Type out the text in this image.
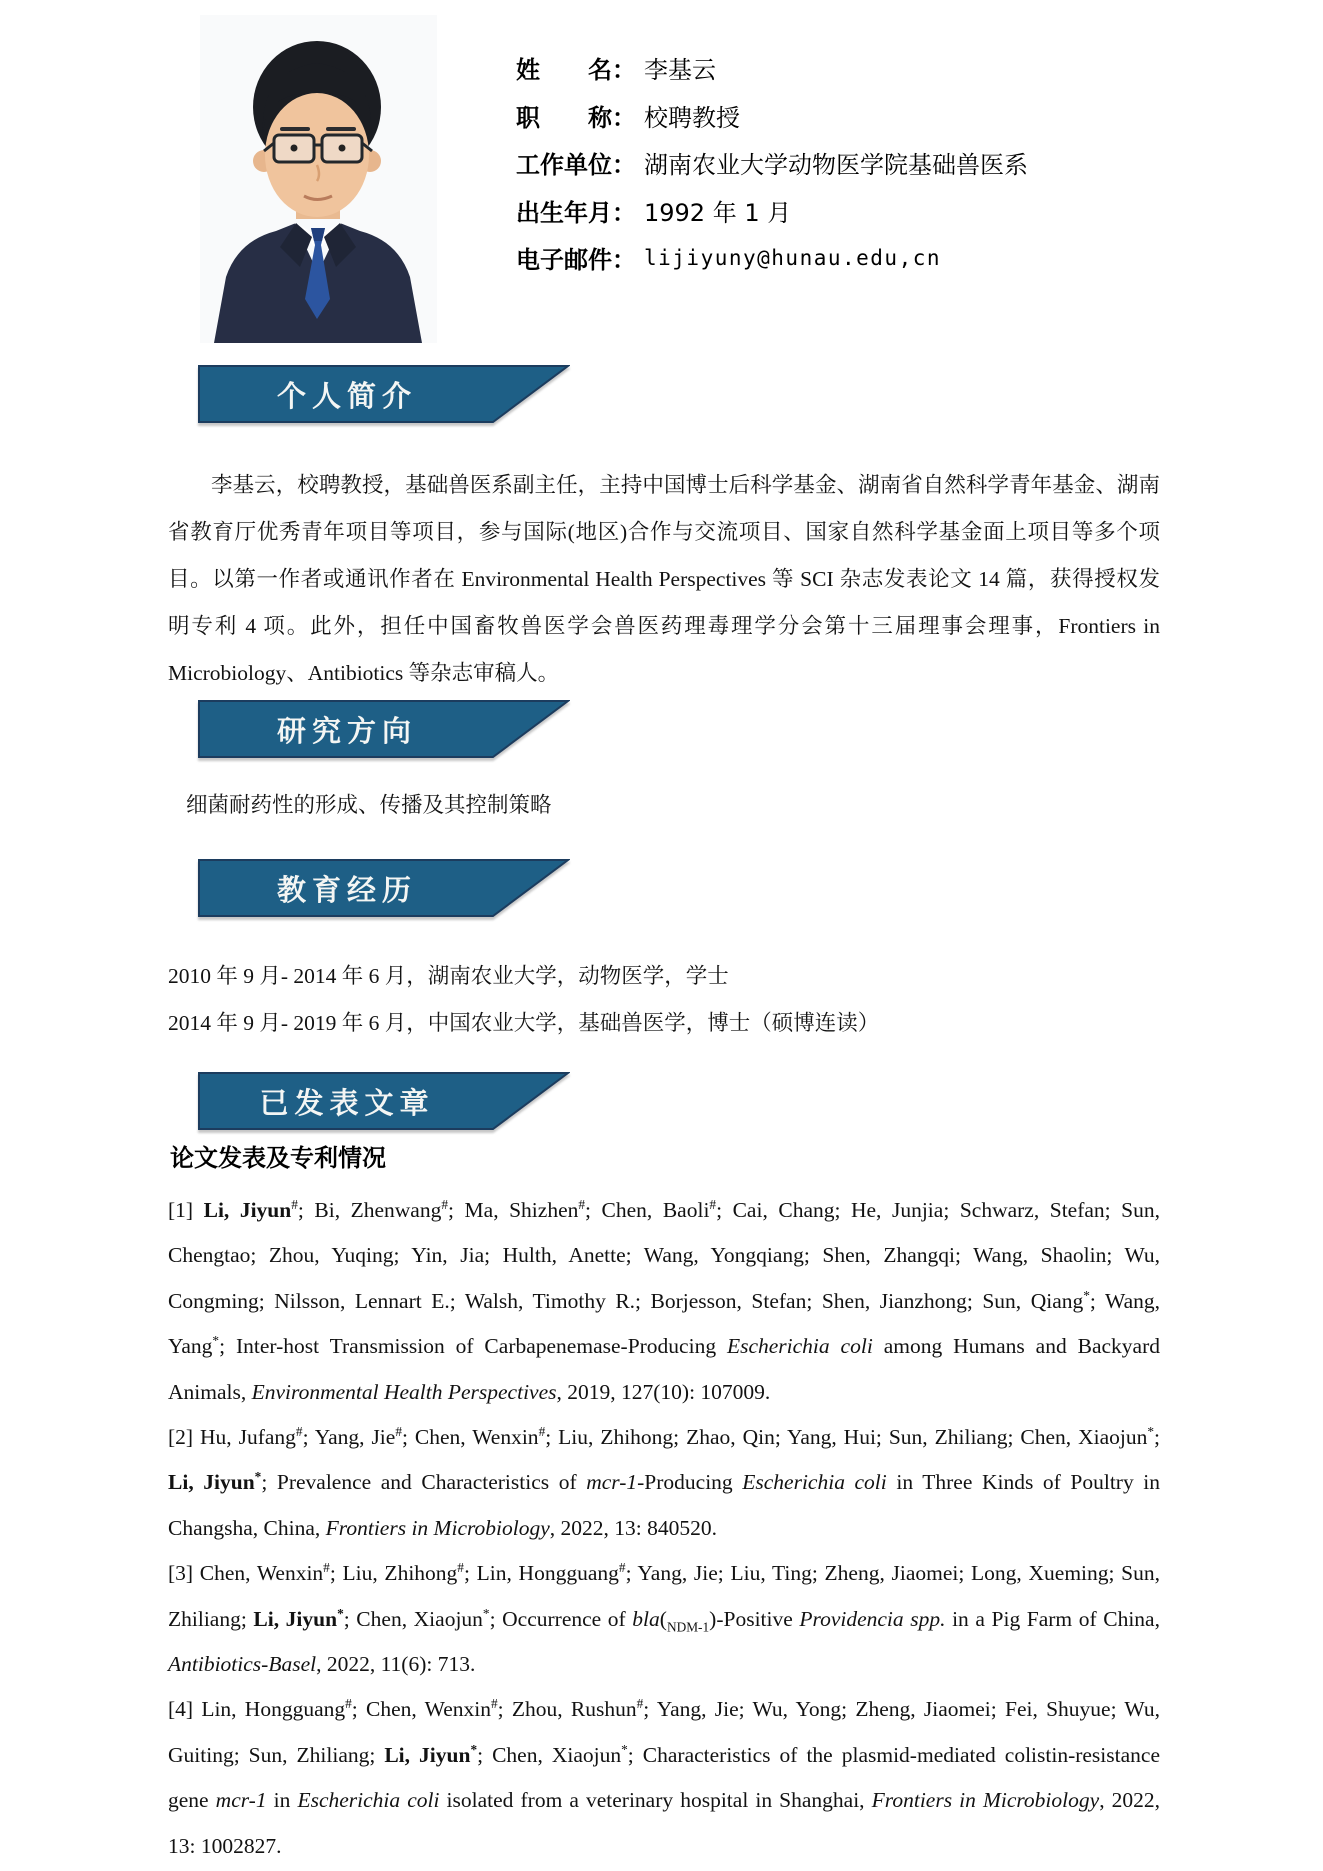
姓　　名： 李基云
职　　称： 校聘教授
工作单位： 湖南农业大学动物医学院基础兽医系
出生年月： 1992 年 1 月
电子邮件： lijiyuny@hunau.edu,cn
个人简介
李基云，校聘教授，基础兽医系副主任，主持中国博士后科学基金、湖南省自然科学青年基金、湖南省教育厅优秀青年项目等项目，参与国际(地区)合作与交流项目、国家自然科学基金面上项目等多个项目。以第一作者或通讯作者在 Environmental Health Perspectives 等 SCI 杂志发表论文 14 篇，获得授权发明专利 4 项。此外，担任中国畜牧兽医学会兽医药理毒理学分会第十三届理事会理事，Frontiers in Microbiology、Antibiotics 等杂志审稿人。
研究方向
细菌耐药性的形成、传播及其控制策略
教育经历
2010 年 9 月- 2014 年 6 月，湖南农业大学，动物医学，学士
2014 年 9 月- 2019 年 6 月，中国农业大学，基础兽医学，博士（硕博连读）
已发表文章
论文发表及专利情况

[1] Li, Jiyun#; Bi, Zhenwang#; Ma, Shizhen#; Chen, Baoli#; Cai, Chang; He, Junjia; Schwarz, Stefan; Sun, Chengtao; Zhou, Yuqing; Yin, Jia; Hulth, Anette; Wang, Yongqiang; Shen, Zhangqi; Wang, Shaolin; Wu, Congming; Nilsson, Lennart E.; Walsh, Timothy R.; Borjesson, Stefan; Shen, Jianzhong; Sun, Qiang*; Wang, Yang*; Inter-host Transmission of Carbapenemase-Producing Escherichia coli among Humans and Backyard Animals, Environmental Health Perspectives, 2019, 127(10): 107009.

[2] Hu, Jufang#; Yang, Jie#; Chen, Wenxin#; Liu, Zhihong; Zhao, Qin; Yang, Hui; Sun, Zhiliang; Chen, Xiaojun*; Li, Jiyun*; Prevalence and Characteristics of mcr-1-Producing Escherichia coli in Three Kinds of Poultry in Changsha, China, Frontiers in Microbiology, 2022, 13: 840520.

[3] Chen, Wenxin#; Liu, Zhihong#; Lin, Hongguang#; Yang, Jie; Liu, Ting; Zheng, Jiaomei; Long, Xueming; Sun, Zhiliang; Li, Jiyun*; Chen, Xiaojun*; Occurrence of $bla(_{NDM-1})$-Positive Providencia spp. in a Pig Farm of China, Antibiotics-Basel, 2022, 11(6): 713.

[4] Lin, Hongguang#; Chen, Wenxin#; Zhou, Rushun#; Yang, Jie; Wu, Yong; Zheng, Jiaomei; Fei, Shuyue; Wu, Guiting; Sun, Zhiliang; Li, Jiyun*; Chen, Xiaojun*; Characteristics of the plasmid-mediated colistin-resistance gene mcr-1 in Escherichia coli isolated from a veterinary hospital in Shanghai, Frontiers in Microbiology, 2022, 13: 1002827.
